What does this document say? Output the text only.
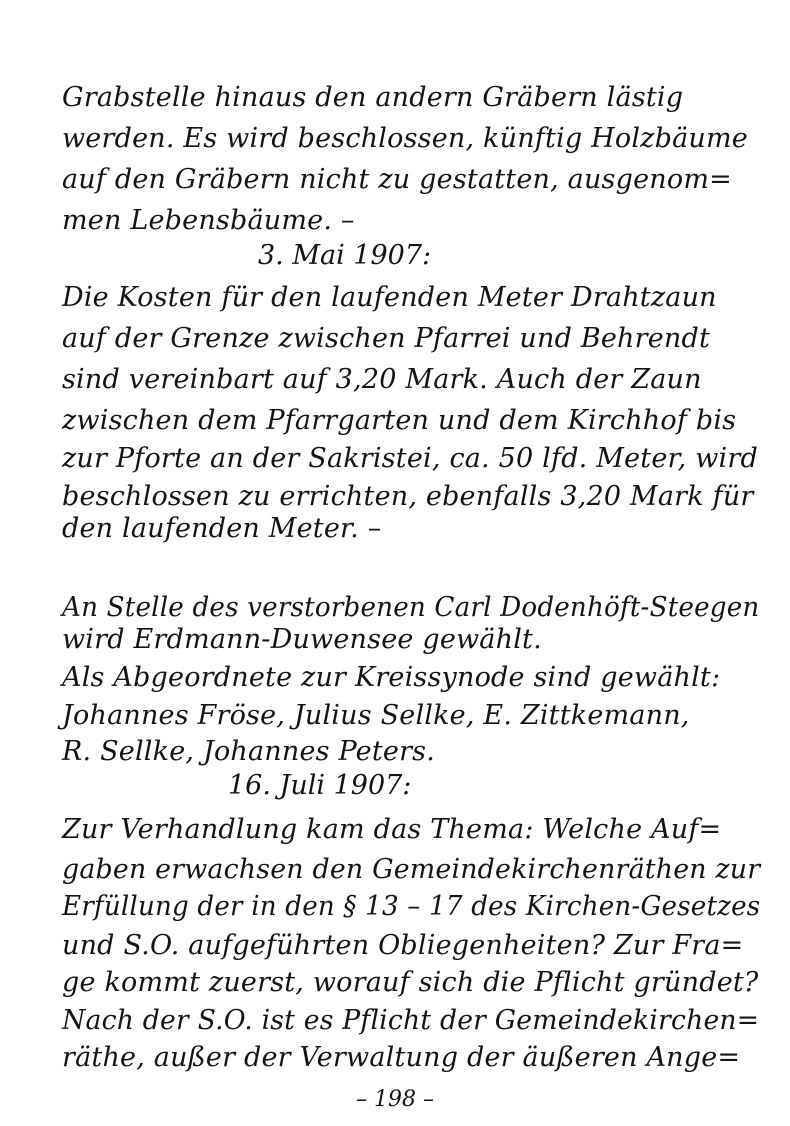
Grabstelle hinaus den andern Gräbern lästig
werden. Es wird beschlossen, künftig Holzbäume
auf den Gräbern nicht zu gestatten, ausgenom=
men Lebensbäume. –
3. Mai 1907:
Die Kosten für den laufenden Meter Drahtzaun
auf der Grenze zwischen Pfarrei und Behrendt
sind vereinbart auf 3,20 Mark. Auch der Zaun
zwischen dem Pfarrgarten und dem Kirchhof bis
zur Pforte an der Sakristei, ca. 50 lfd. Meter, wird
beschlossen zu errichten, ebenfalls 3,20 Mark für
den laufenden Meter. –
An Stelle des verstorbenen Carl Dodenhöft-Steegen
wird Erdmann-Duwensee gewählt.
Als Abgeordnete zur Kreissynode sind gewählt:
Johannes Fröse, Julius Sellke, E. Zittkemann,
R. Sellke, Johannes Peters.
16. Juli 1907:
Zur Verhandlung kam das Thema: Welche Auf=
gaben erwachsen den Gemeindekirchenräthen zur
Erfüllung der in den § 13 – 17 des Kirchen-Gesetzes
und S.O. aufgeführten Obliegenheiten? Zur Fra=
ge kommt zuerst, worauf sich die Pflicht gründet?
Nach der S.O. ist es Pflicht der Gemeindekirchen=
räthe, außer der Verwaltung der äußeren Ange=
– 198 –
